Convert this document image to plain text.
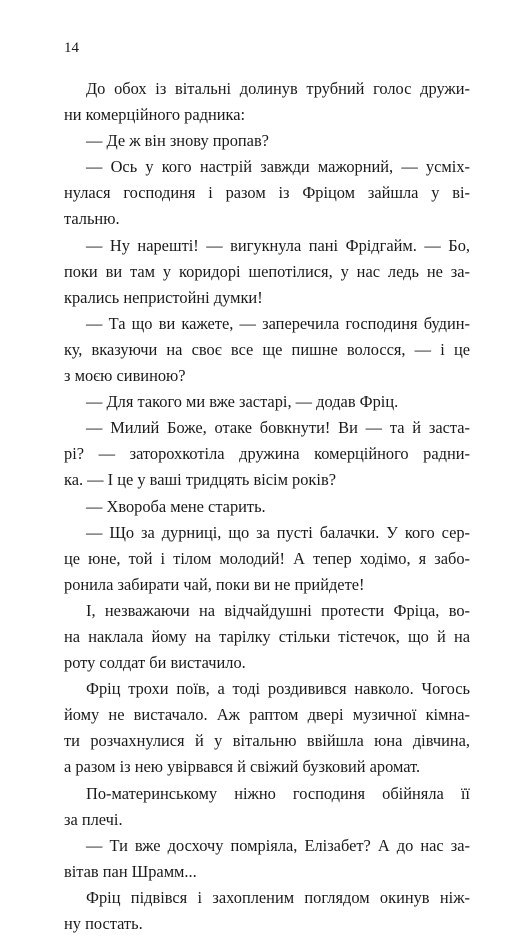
14
До обох із вітальні долинув трубний голос дружи-
ни комерційного радника:
— Де ж він знову пропав?
— Ось у кого настрій завжди мажорний, — усміх-
нулася господиня і разом із Фріцом зайшла у ві-
тальню.
— Ну нарешті! — вигукнула пані Фрідгайм. — Бо,
поки ви там у коридорі шепотілися, у нас ледь не за-
крались непристойні думки!
— Та що ви кажете, — заперечила господиня будин-
ку, вказуючи на своє все ще пишне волосся, — і це
з моєю сивиною?
— Для такого ми вже застарі, — додав Фріц.
— Милий Боже, отаке бовкнути! Ви — та й заста-
рі? — заторохкотіла дружина комерційного радни-
ка. — І це у ваші тридцять вісім років?
— Хвороба мене старить.
— Що за дурниці, що за пусті балачки. У кого сер-
це юне, той і тілом молодий! А тепер ходімо, я забо-
ронила забирати чай, поки ви не прийдете!
І, незважаючи на відчайдушні протести Фріца, во-
на наклала йому на тарілку стільки тістечок, що й на
роту солдат би вистачило.
Фріц трохи поїв, а тоді роздивився навколо. Чогось
йому не вистачало. Аж раптом двері музичної кімна-
ти розчахнулися й у вітальню ввійшла юна дівчина,
а разом із нею увірвався й свіжий бузковий аромат.
По-материнському ніжно господиня обійняла її
за плечі.
— Ти вже досхочу помріяла, Елізабет? А до нас за-
вітав пан Шрамм...
Фріц підвівся і захопленим поглядом окинув ніж-
ну постать.
